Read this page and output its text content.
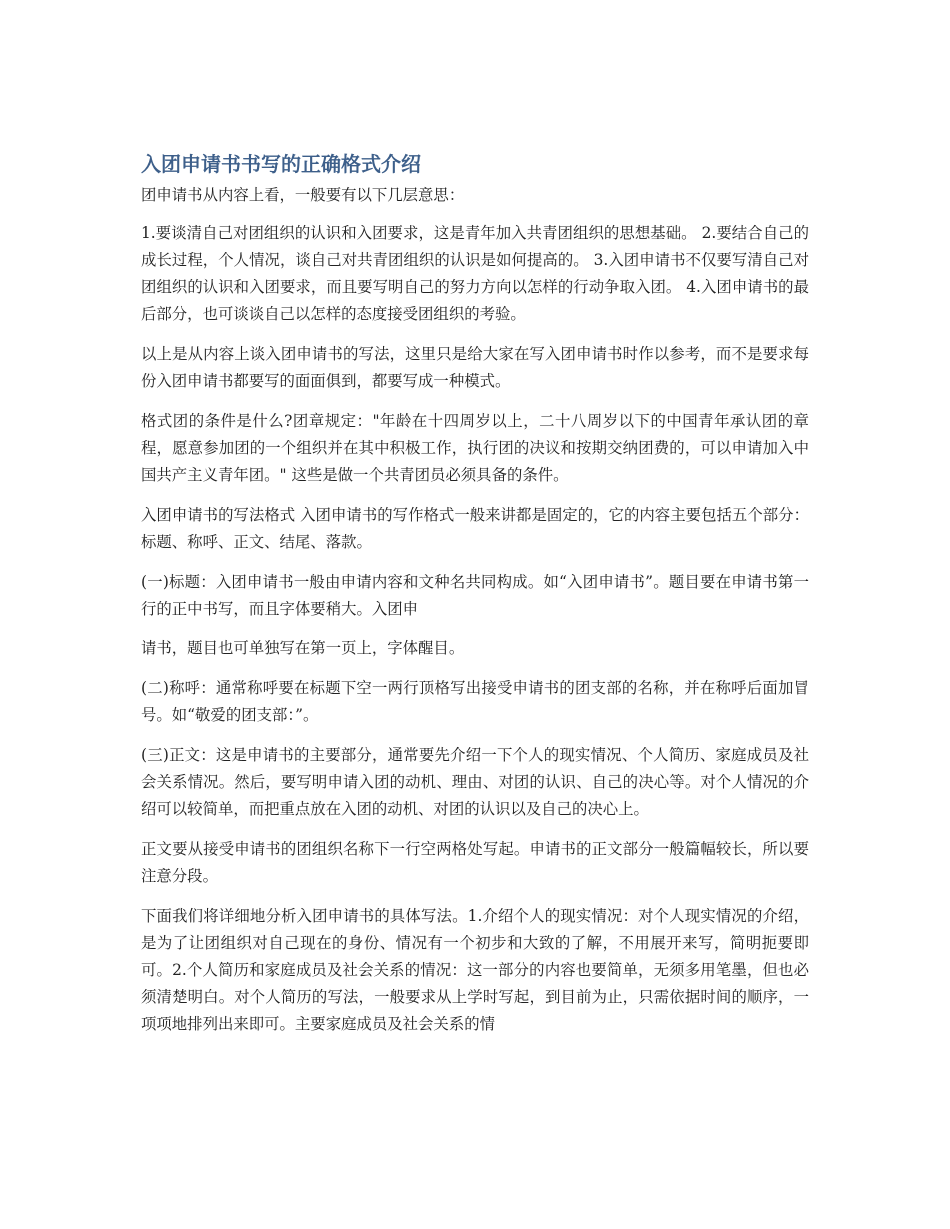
入团申请书书写的正确格式介绍

团申请书从内容上看，一般要有以下几层意思：

1.要谈清自己对团组织的认识和入团要求，这是青年加入共青团组织的思想基础。 2.要结合自己的成长过程，个人情况，谈自己对共青团组织的认识是如何提高的。 3.入团申请书不仅要写清自己对团组织的认识和入团要求，而且要写明自己的努力方向以怎样的行动争取入团。 4.入团申请书的最后部分，也可谈谈自己以怎样的态度接受团组织的考验。

以上是从内容上谈入团申请书的写法，这里只是给大家在写入团申请书时作以参考，而不是要求每份入团申请书都要写的面面俱到，都要写成一种模式。

格式团的条件是什么?团章规定："年龄在十四周岁以上，二十八周岁以下的中国青年承认团的章程，愿意参加团的一个组织并在其中积极工作，执行团的决议和按期交纳团费的，可以申请加入中国共产主义青年团。" 这些是做一个共青团员必须具备的条件。

入团申请书的写法格式 入团申请书的写作格式一般来讲都是固定的，它的内容主要包括五个部分：标题、称呼、正文、结尾、落款。

(一)标题：入团申请书一般由申请内容和文种名共同构成。如“入团申请书”。题目要在申请书第一行的正中书写，而且字体要稍大。入团申

请书，题目也可单独写在第一页上，字体醒目。

(二)称呼：通常称呼要在标题下空一两行顶格写出接受申请书的团支部的名称，并在称呼后面加冒号。如“敬爱的团支部：”。

(三)正文：这是申请书的主要部分，通常要先介绍一下个人的现实情况、个人简历、家庭成员及社会关系情况。然后，要写明申请入团的动机、理由、对团的认识、自己的决心等。对个人情况的介绍可以较简单，而把重点放在入团的动机、对团的认识以及自己的决心上。

正文要从接受申请书的团组织名称下一行空两格处写起。申请书的正文部分一般篇幅较长，所以要注意分段。

下面我们将详细地分析入团申请书的具体写法。1.介绍个人的现实情况：对个人现实情况的介绍，是为了让团组织对自己现在的身份、情况有一个初步和大致的了解，不用展开来写，简明扼要即可。2.个人简历和家庭成员及社会关系的情况：这一部分的内容也要简单，无须多用笔墨，但也必须清楚明白。对个人简历的写法，一般要求从上学时写起，到目前为止，只需依据时间的顺序，一项项地排列出来即可。主要家庭成员及社会关系的情
